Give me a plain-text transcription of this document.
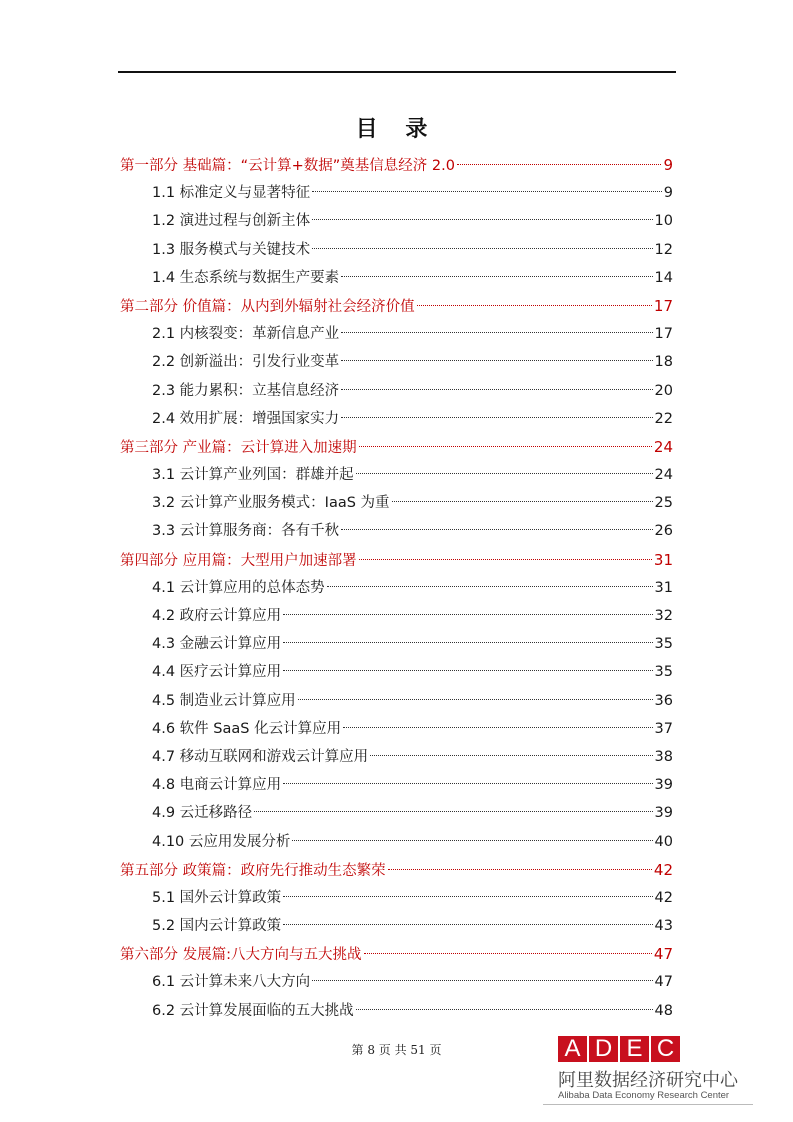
目 录
第一部分 基础篇：“云计算+数据”奠基信息经济 2.0	9
1.1 标准定义与显著特征	9
1.2 演进过程与创新主体	10
1.3 服务模式与关键技术	12
1.4 生态系统与数据生产要素	14
第二部分 价值篇：从内到外辐射社会经济价值	17
2.1 内核裂变：革新信息产业	17
2.2 创新溢出：引发行业变革	18
2.3 能力累积：立基信息经济	20
2.4 效用扩展：增强国家实力	22
第三部分 产业篇：云计算进入加速期	24
3.1 云计算产业列国：群雄并起	24
3.2 云计算产业服务模式：IaaS 为重	25
3.3 云计算服务商：各有千秋	26
第四部分 应用篇：大型用户加速部署	31
4.1 云计算应用的总体态势	31
4.2 政府云计算应用	32
4.3 金融云计算应用	35
4.4 医疗云计算应用	35
4.5 制造业云计算应用	36
4.6 软件 SaaS 化云计算应用	37
4.7 移动互联网和游戏云计算应用	38
4.8 电商云计算应用	39
4.9 云迁移路径	39
4.10 云应用发展分析	40
第五部分 政策篇：政府先行推动生态繁荣	42
5.1 国外云计算政策	42
5.2 国内云计算政策	43
第六部分 发展篇:八大方向与五大挑战	47
6.1 云计算未来八大方向	47
6.2 云计算发展面临的五大挑战	48
第 8 页 共 51 页	A D E C
阿里数据经济研究中心
Alibaba Data Economy Research Center
